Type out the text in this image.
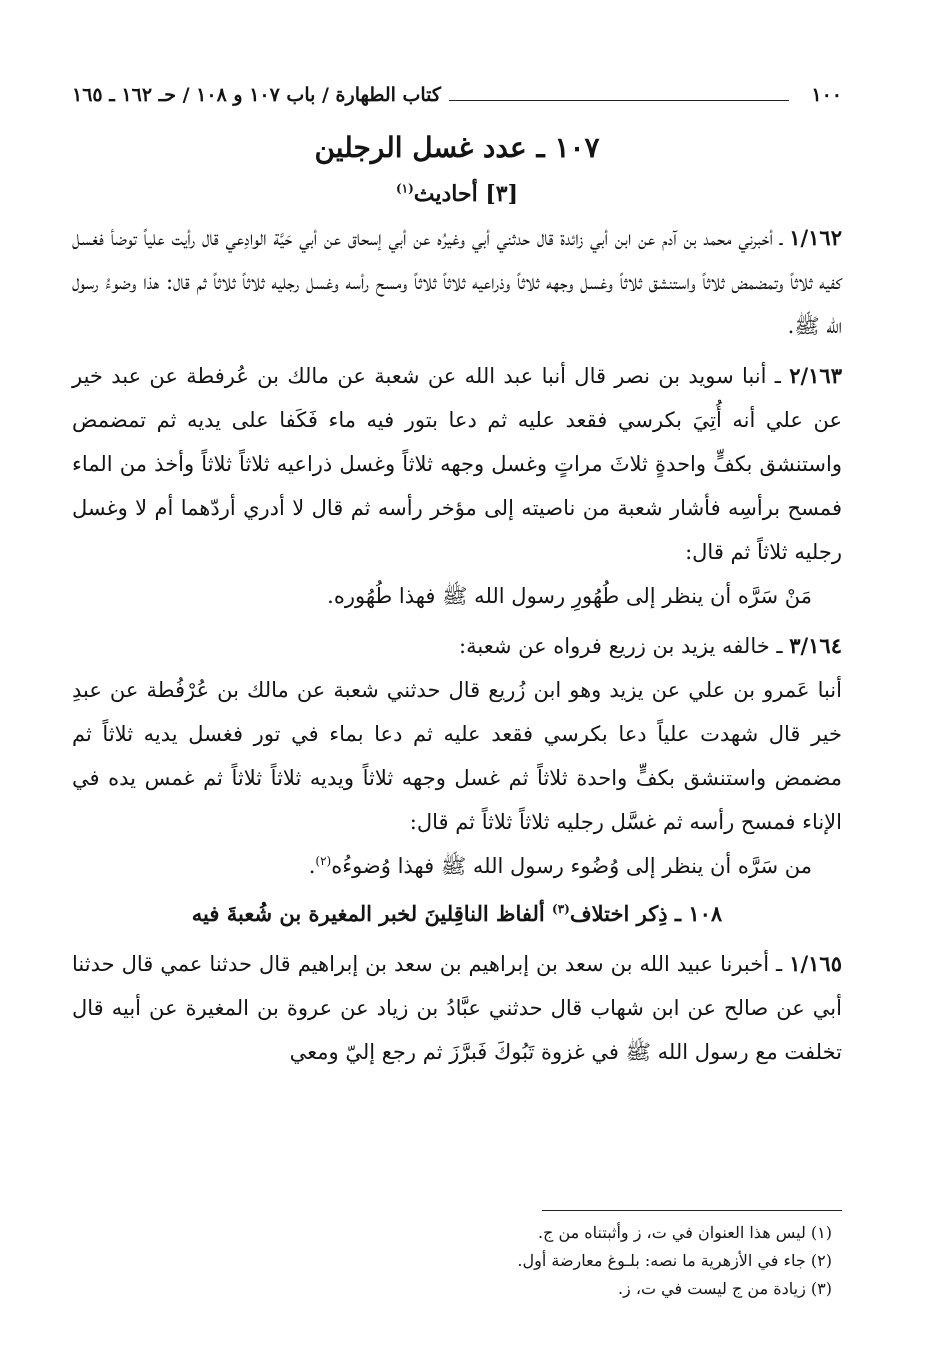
١٠٠
كتاب الطهارة / باب ١٠٧ و ١٠٨ / حـ ١٦٢ ـ ١٦٥
١٠٧ ـ عدد غسل الرجلين
[٣] أحاديث$^{(١)}$

١/١٦٢ ـ أخبرني محمد بن آدم عن ابن أبي زائدة قال حدثني أبي وغيرُه عن أبي إسحاق عن أبي حَيَّة الوادِعي قال رأيت علياً توضأ فغسل كفيه ثلاثاً وتمضمض ثلاثاً واستنشق ثلاثاً وغسل وجهه ثلاثاً وذراعيه ثلاثاً ثلاثاً ومسح رأسه وغسل رجليه ثلاثاً ثلاثاً ثم قال: هذا وضوءُ رسول الله ﷺ.

٢/١٦٣ ـ أنبا سويد بن نصر قال أنبا عبد الله عن شعبة عن مالك بن عُرفطة عن عبد خير عن علي أنه أُتِيَ بكرسي فقعد عليه ثم دعا بتور فيه ماء فَكَفا على يديه ثم تمضمض واستنشق بكفٍّ واحدةٍ ثلاثَ مراتٍ وغسل وجهه ثلاثاً وغسل ذراعيه ثلاثاً ثلاثاً وأخذ من الماء فمسح برأسِه فأشار شعبة من ناصيته إلى مؤخر رأسه ثم قال لا أدري أردّهما أم لا وغسل رجليه ثلاثاً ثم قال:

مَنْ سَرَّه أن ينظر إلى طُهُورِ رسول الله ﷺ فهذا طُهُوره.

٣/١٦٤ ـ خالفه يزيد بن زريع فرواه عن شعبة:

أنبا عَمرو بن علي عن يزيد وهو ابن زُريع قال حدثني شعبة عن مالك بن عُرْفُطة عن عبدِ خير قال شهدت علياً دعا بكرسي فقعد عليه ثم دعا بماء في تور فغسل يديه ثلاثاً ثم مضمض واستنشق بكفٍّ واحدة ثلاثاً ثم غسل وجهه ثلاثاً ويديه ثلاثاً ثلاثاً ثم غمس يده في الإناء فمسح رأسه ثم غسَّل رجليه ثلاثاً ثلاثاً ثم قال:

من سَرَّه أن ينظر إلى وُضُوء رسول الله ﷺ فهذا وُضوءُه$^{(٢)}$.

١٠٨ ـ ذِكر اختلاف$^{(٣)}$ ألفاظ الناقِلينَ لخبر المغيرة بن شُعبةَ فيه

١/١٦٥ ـ أخبرنا عبيد الله بن سعد بن إبراهيم بن سعد بن إبراهيم قال حدثنا عمي قال حدثنا أبي عن صالح عن ابن شهاب قال حدثني عبَّادُ بن زياد عن عروة بن المغيرة عن أبيه قال تخلفت مع رسول الله ﷺ في غزوة تَبُوكَ فَبرَّزَ ثم رجع إليّ ومعي

(١) ليس هذا العنوان في ت، ز وأثبتناه من ج.
(٢) جاء في الأزهرية ما نصه: بلـوغ معارضة أول.
(٣) زيادة من ج ليست في ت، ز.
